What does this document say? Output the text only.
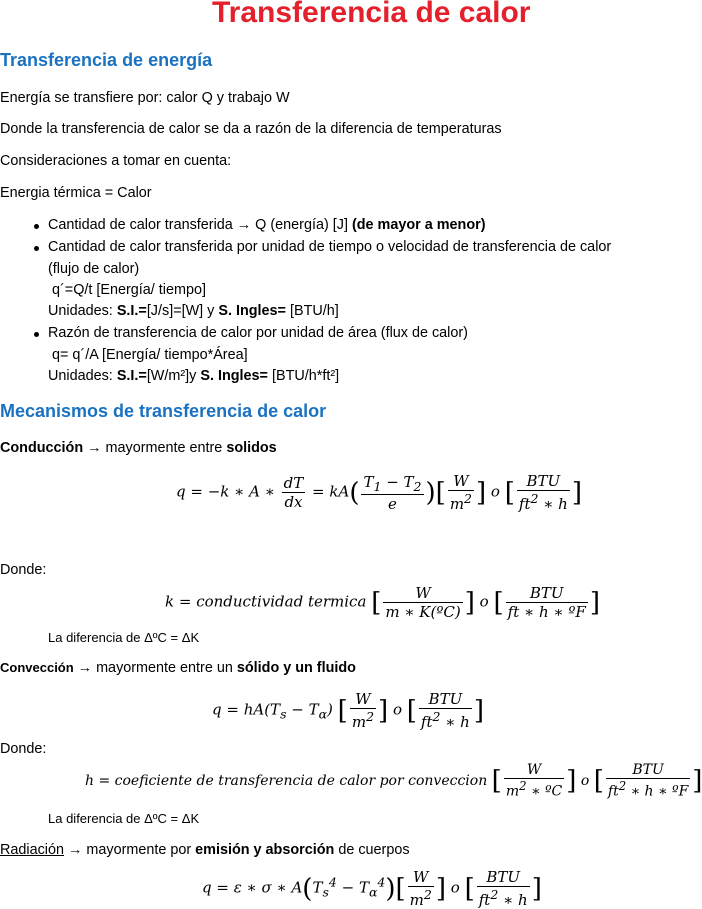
Transferencia de calor
Transferencia de energía
Energía se transfiere por: calor Q y trabajo W
Donde la transferencia de calor se da a razón de la diferencia de temperaturas
Consideraciones a tomar en cuenta:
Energia térmica = Calor
Cantidad de calor transferida → Q (energía) [J] (de mayor a menor)
Cantidad de calor transferida por unidad de tiempo o velocidad de transferencia de calor
(flujo de calor)
q´=Q/t [Energía/ tiempo]
Unidades: S.I.=[J/s]=[W] y S. Ingles= [BTU/h]
Razón de transferencia de calor por unidad de área (flux de calor)
q= q´/A [Energía/ tiempo*Área]
Unidades: S.I.=[W/m²]y S. Ingles= [BTU/h*ft²]
Mecanismos de transferencia de calor
Conducción → mayormente entre solidos
q = −k ∗ A ∗ $\frac{dT}{dx} = kA( \frac{T_1 - T_2}{e}$ )[ $\frac{W}{m^2}$ ] o [ $\frac{\text{BTU}}{ft^2 ∗ h}$ ]
Donde:
k = conductividad termica [ $\frac{W}{\text{m ∗ K(ºC)}}$ ] o [ $\frac{\text{BTU}}{\text{ft ∗ h ∗ ºF}}$ ]
La diferencia de ΔºC = ΔK
Convección → mayormente entre un sólido y un fluido
$q = hA(T_s - T_\alpha)$ [ $\frac{W}{m^2}$ ] o [ $\frac{\text{BTU}}{ft^2 ∗ h}$ ]
Donde:
h = coeficiente de transferencia de calor por conveccion [ $\frac{W}{m^2 ∗ ºC}$ ] o [ $\frac{\text{BTU}}{ft^2 ∗ h ∗ ºF}$ ]
La diferencia de ΔºC = ΔK
Radiación → mayormente por emisión y absorción de cuerpos
q = ε ∗ σ ∗ $A(T_s^4 - T_\alpha^4)[ \frac{W}{m^2}$ ] o [ $\frac{\text{BTU}}{ft^2 ∗ h}$ ]
